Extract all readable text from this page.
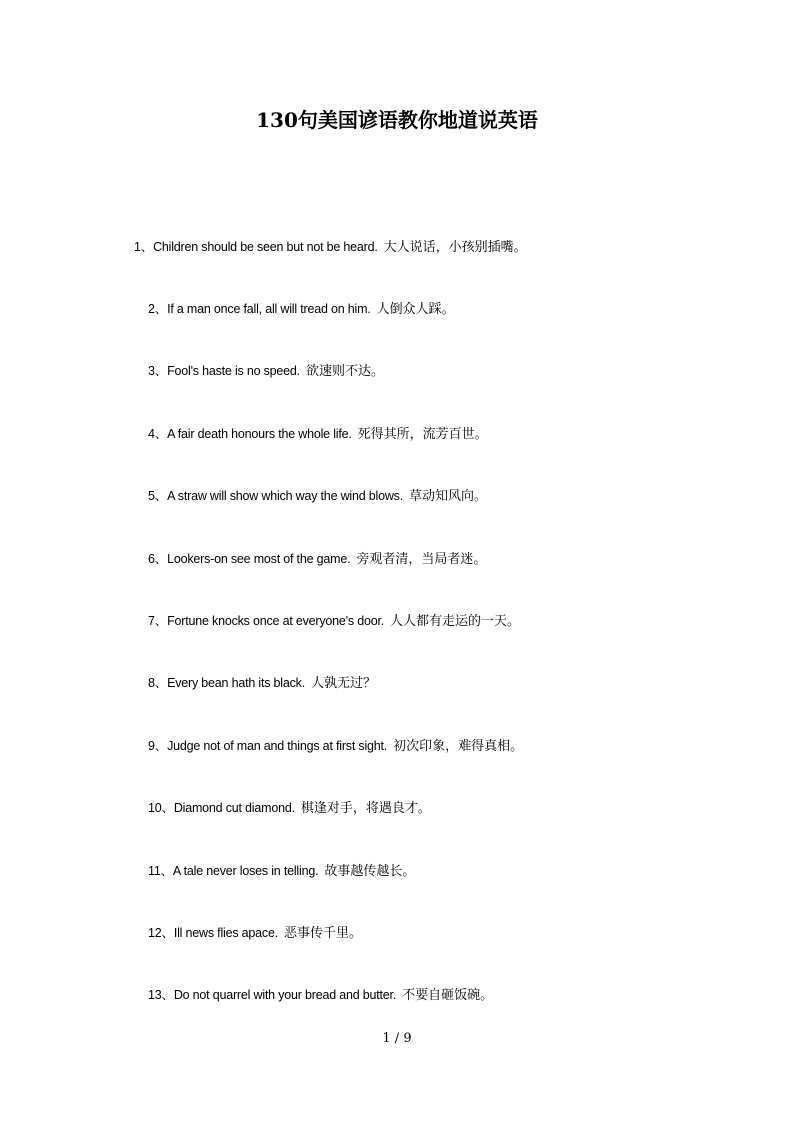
130句美国谚语教你地道说英语
1、Children should be seen but not be heard. 大人说话，小孩别插嘴。
2、If a man once fall, all will tread on him. 人倒众人踩。
3、Fool's haste is no speed. 欲速则不达。
4、A fair death honours the whole life. 死得其所，流芳百世。
5、A straw will show which way the wind blows. 草动知风向。
6、Lookers-on see most of the game. 旁观者清，当局者迷。
7、Fortune knocks once at everyone's door. 人人都有走运的一天。
8、Every bean hath its black. 人孰无过？
9、Judge not of man and things at first sight. 初次印象，难得真相。
10、Diamond cut diamond. 棋逢对手，将遇良才。
11、A tale never loses in telling. 故事越传越长。
12、Ill news flies apace. 恶事传千里。
13、Do not quarrel with your bread and butter. 不要自砸饭碗。
1 / 9
